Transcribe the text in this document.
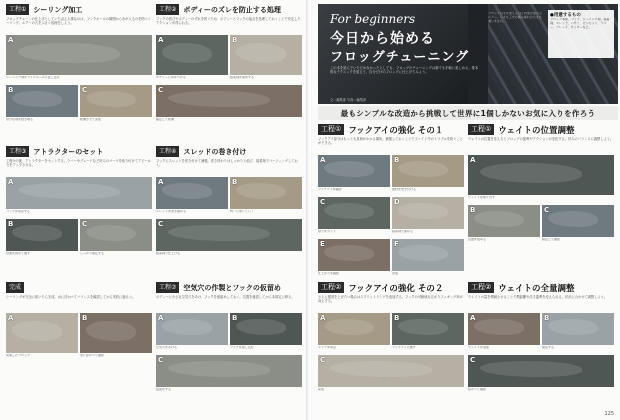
工程①	シーリング加工
フロッグチューンの仕上げとしていちばん大事なのは、フックホールの隙間から水が入るのを防ぐシーリング。ルアーの穴をふさぐ処理をしよう。
A
シーリング剤をフックホールに流し込む
B
余分な剤を拭き取る
C
乾燥させて完成
工程②	ボディーのズレを防止する処理
フックの遊びやボディーのずれを防ぐため、ボディーとフックの接点を処理しておくことで安定したアクションが得られる。
A
ボディーに印をつける
B
接着剤を塗布する
C
固定して乾燥
工程③	アトラクターのセット
工程②の後、アトラクターをセットする。ラバーやブレードなど好みのパーツを取り付けてアピール力をアップさせる。
A
パーツを用意する
B
位置を決めて通す
C
しっかり固定する
工程④	スレッドの巻き付け
フックにスレッドを巻き付けて補強。巻き終わりはしっかりと結び、接着剤でコーティングしておく。
A
スレッドを巻き始める
B
均一に巻いていく
C
接着剤で仕上げる
完成
シーリングが完全に乾いたら完成。水に浮かべてバランスを確認してから実釣に臨もう。
A
完成したフロッグ
B
水に浮かべて確認
工程⑦	空気穴の作製とフックの仮留め
ボディーに小さな空気穴をあけ、フックを仮留めしておく。位置を確認してから本固定に移る。
A
空気穴をあける
B
フックを差し込む
C
仮留めする
For beginners
今日から始める
フロッグチューニング
この本を読んでいただかなかったとしても、フロッグのチューニングは誰でも手軽に楽しめる。基本的なテクニックを覚えて、自分だけのフロッグに仕上げてみよう。
文＝編集部 写真＝編集部
フロッグは手を加えるほど釣果が変わるルアー。小さな工夫の積み重ねが大きな違いを生む。
●用意するもの
フロッグ本体、フック、シーリング剤、接着剤、スレッド、ハサミ、ピンセット、ラバー、ブレード、カッターなど。
最もシンプルな改造から挑戦して世界に1個しかないお気に入りを作ろう
工程① フックアイの強化 その１
フックアイ部分はもっとも負荷がかかる場所。補強しておくことでファイト中のトラブルを防ぐことができる。
A
フックアイを確認
B
線材を巻き付ける
C
余りをカット
D
接着剤で固める
E
仕上がりを確認
F
完成
工程① ウェイトの位置調整
ウェイトの位置を変えるとフロッグの姿勢やアクションが変化する。好みのバランスに調整しよう。
A
ウェイトを取り出す
B
位置を決める
C
固定して確認
工程② フックアイの強化 その２
さらに強度を上げたい場合はスプリットリングを追加する。フックの可動域も広がりフッキング率が向上する。
A
リングを用意
B
フックアイに通す
C
完成
工程② ウェイトの全量調整
ウェイトの量を増減させることで飛距離や浮き姿勢を変えられる。状況に合わせて調整しよう。
A
ウェイトを追加
B
固定する
C
浮かべて確認
125
